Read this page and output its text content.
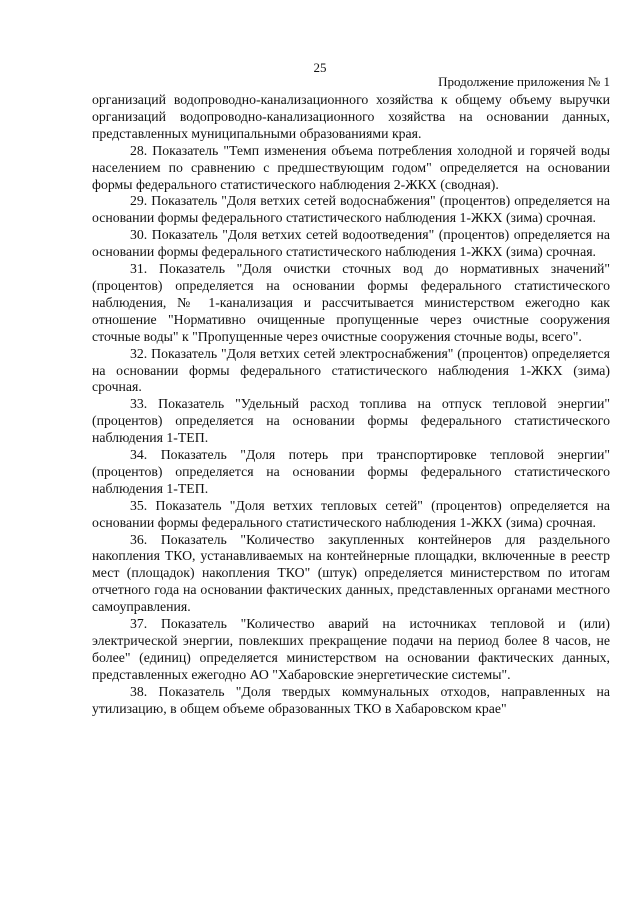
25
Продолжение приложения № 1

организаций водопроводно-канализационного хозяйства к общему объему выручки организаций водопроводно-канализационного хозяйства на основании данных, представленных муниципальными образованиями края.

28. Показатель "Темп изменения объема потребления холодной и горячей воды населением по сравнению с предшествующим годом" определяется на основании формы федерального статистического наблюдения 2-ЖКХ (сводная).

29. Показатель "Доля ветхих сетей водоснабжения" (процентов) определяется на основании формы федерального статистического наблюдения 1-ЖКХ (зима) срочная.

30. Показатель "Доля ветхих сетей водоотведения" (процентов) определяется на основании формы федерального статистического наблюдения 1-ЖКХ (зима) срочная.

31. Показатель "Доля очистки сточных вод до нормативных значений" (процентов) определяется на основании формы федерального статистического наблюдения, № 1-канализация и рассчитывается министерством ежегодно как отношение "Нормативно очищенные пропущенные через очистные сооружения сточные воды" к "Пропущенные через очистные сооружения сточные воды, всего".

32. Показатель "Доля ветхих сетей электроснабжения" (процентов) определяется на основании формы федерального статистического наблюдения 1-ЖКХ (зима) срочная.

33. Показатель "Удельный расход топлива на отпуск тепловой энергии" (процентов) определяется на основании формы федерального статистического наблюдения 1-ТЕП.

34. Показатель "Доля потерь при транспортировке тепловой энергии" (процентов) определяется на основании формы федерального статистического наблюдения 1-ТЕП.

35. Показатель "Доля ветхих тепловых сетей" (процентов) определяется на основании формы федерального статистического наблюдения 1-ЖКХ (зима) срочная.

36. Показатель "Количество закупленных контейнеров для раздельного накопления ТКО, устанавливаемых на контейнерные площадки, включенные в реестр мест (площадок) накопления ТКО" (штук) определяется министерством по итогам отчетного года на основании фактических данных, представленных органами местного самоуправления.

37. Показатель "Количество аварий на источниках тепловой и (или) электрической энергии, повлекших прекращение подачи на период более 8 часов, не более" (единиц) определяется министерством на основании фактических данных, представленных ежегодно АО "Хабаровские энергетические системы".

38. Показатель "Доля твердых коммунальных отходов, направленных на утилизацию, в общем объеме образованных ТКО в Хабаровском крае"
